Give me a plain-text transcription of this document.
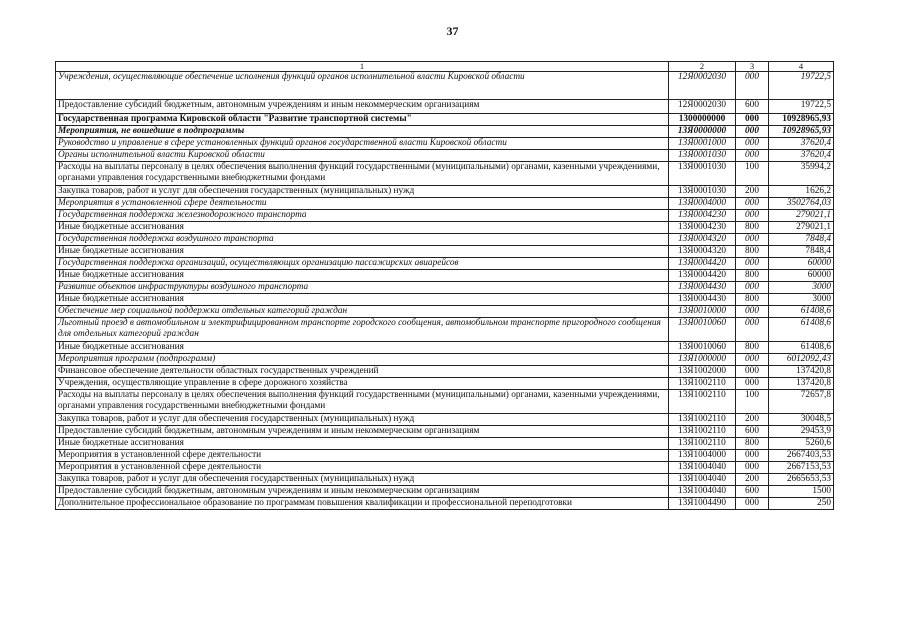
37
1	2	3	4
Учреждения, осуществляющие обеспечение исполнения функций органов исполнительной власти Кировской области	12Я0002030	000	19722,5
Предоставление субсидий бюджетным, автономным учреждениям и иным некоммерческим организациям	12Я0002030	600	19722,5
Государственная программа Кировской области "Развитие транспортной системы"	1300000000	000	10928965,93
Мероприятия, не вошедшие в подпрограммы	13Я0000000	000	10928965,93
Руководство и управление в сфере установленных функций органов государственной власти Кировской области	13Я0001000	000	37620,4
Органы исполнительной власти Кировской области	13Я0001030	000	37620,4
Расходы на выплаты персоналу в целях обеспечения выполнения функций государственными (муниципальными) органами, казенными учреждениями, органами управления государственными внебюджетными фондами	13Я0001030	100	35994,2
Закупка товаров, работ и услуг для обеспечения государственных (муниципальных) нужд	13Я0001030	200	1626,2
Мероприятия в установленной сфере деятельности	13Я0004000	000	3502764,03
Государственная поддержка железнодорожного транспорта	13Я0004230	000	279021,1
Иные бюджетные ассигнования	13Я0004230	800	279021,1
Государственная поддержка воздушного транспорта	13Я0004320	000	7848,4
Иные бюджетные ассигнования	13Я0004320	800	7848,4
Государственная поддержка организаций, осуществляющих организацию пассажирских авиарейсов	13Я0004420	000	60000
Иные бюджетные ассигнования	13Я0004420	800	60000
Развитие объектов инфраструктуры воздушного транспорта	13Я0004430	000	3000
Иные бюджетные ассигнования	13Я0004430	800	3000
Обеспечение мер социальной поддержки отдельных категорий граждан	13Я0010000	000	61408,6
Льготный проезд в автомобильном и электрифицированном транспорте городского сообщения, автомобильном транспорте пригородного сообщения для отдельных категорий граждан	13Я0010060	000	61408,6
Иные бюджетные ассигнования	13Я0010060	800	61408,6
Мероприятия программ (подпрограмм)	13Я1000000	000	6012092,43
Финансовое обеспечение деятельности областных государственных учреждений	13Я1002000	000	137420,8
Учреждения, осуществляющие управление в сфере дорожного хозяйства	13Я1002110	000	137420,8
Расходы на выплаты персоналу в целях обеспечения выполнения функций государственными (муниципальными) органами, казенными учреждениями, органами управления государственными внебюджетными фондами	13Я1002110	100	72657,8
Закупка товаров, работ и услуг для обеспечения государственных (муниципальных) нужд	13Я1002110	200	30048,5
Предоставление субсидий бюджетным, автономным учреждениям и иным некоммерческим организациям	13Я1002110	600	29453,9
Иные бюджетные ассигнования	13Я1002110	800	5260,6
Мероприятия в установленной сфере деятельности	13Я1004000	000	2667403,53
Мероприятия в установленной сфере деятельности	13Я1004040	000	2667153,53
Закупка товаров, работ и услуг для обеспечения государственных (муниципальных) нужд	13Я1004040	200	2665653,53
Предоставление субсидий бюджетным, автономным учреждениям и иным некоммерческим организациям	13Я1004040	600	1500
Дополнительное профессиональное образование по программам повышения квалификации и профессиональной переподготовки	13Я1004490	000	250
